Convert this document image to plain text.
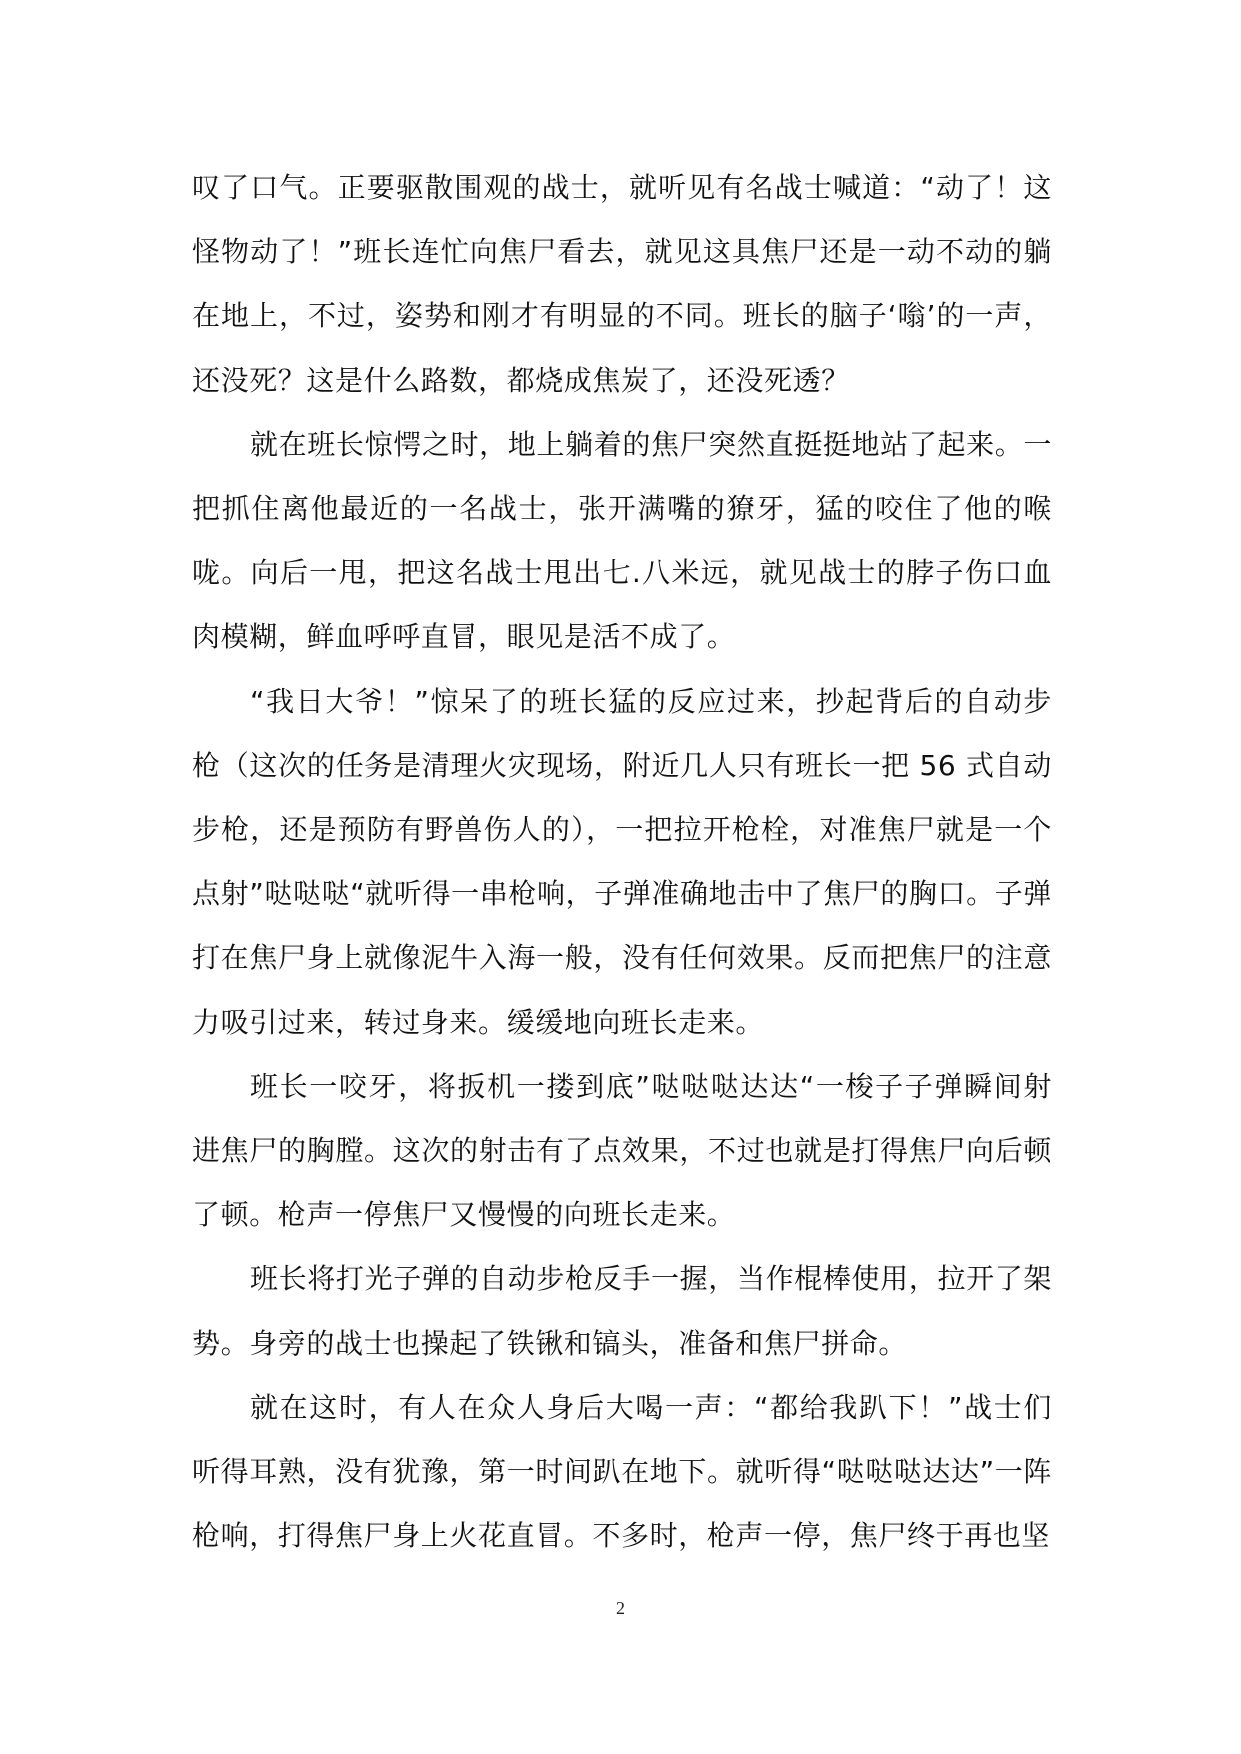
叹了口气。正要驱散围观的战士，就听见有名战士喊道：“动了！这怪物动了！”班长连忙向焦尸看去，就见这具焦尸还是一动不动的躺在地上，不过，姿势和刚才有明显的不同。班长的脑子‘嗡’的一声，还没死？这是什么路数，都烧成焦炭了，还没死透？

就在班长惊愕之时，地上躺着的焦尸突然直挺挺地站了起来。一把抓住离他最近的一名战士，张开满嘴的獠牙，猛的咬住了他的喉咙。向后一甩，把这名战士甩出七.八米远，就见战士的脖子伤口血肉模糊，鲜血呼呼直冒，眼见是活不成了。

“我日大爷！”惊呆了的班长猛的反应过来，抄起背后的自动步枪（这次的任务是清理火灾现场，附近几人只有班长一把 56 式自动步枪，还是预防有野兽伤人的），一把拉开枪栓，对准焦尸就是一个点射”哒哒哒“就听得一串枪响，子弹准确地击中了焦尸的胸口。子弹打在焦尸身上就像泥牛入海一般，没有任何效果。反而把焦尸的注意力吸引过来，转过身来。缓缓地向班长走来。

班长一咬牙，将扳机一搂到底”哒哒哒达达“一梭子子弹瞬间射进焦尸的胸膛。这次的射击有了点效果，不过也就是打得焦尸向后顿了顿。枪声一停焦尸又慢慢的向班长走来。

班长将打光子弹的自动步枪反手一握，当作棍棒使用，拉开了架势。身旁的战士也操起了铁锹和镐头，准备和焦尸拼命。

就在这时，有人在众人身后大喝一声：“都给我趴下！”战士们听得耳熟，没有犹豫，第一时间趴在地下。就听得“哒哒哒达达”一阵枪响，打得焦尸身上火花直冒。不多时，枪声一停，焦尸终于再也坚

2
